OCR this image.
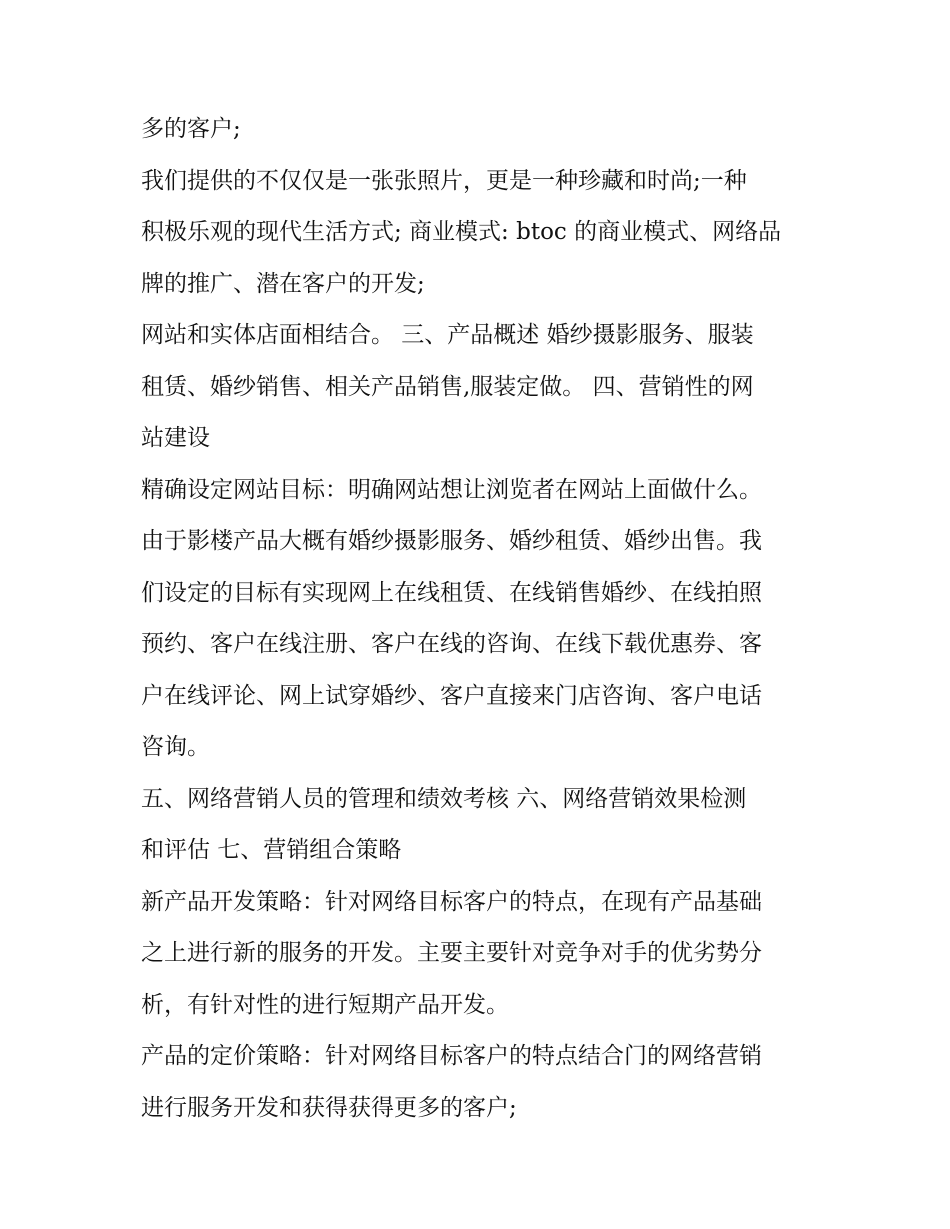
多的客户;
我们提供的不仅仅是一张张照片，更是一种珍藏和时尚;一种
积极乐观的现代生活方式; 商业模式: btoc 的商业模式、网络品
牌的推广、潜在客户的开发;
网站和实体店面相结合。 三、产品概述 婚纱摄影服务、服装
租赁、婚纱销售、相关产品销售,服装定做。 四、营销性的网
站建设
精确设定网站目标：明确网站想让浏览者在网站上面做什么。
由于影楼产品大概有婚纱摄影服务、婚纱租赁、婚纱出售。我
们设定的目标有实现网上在线租赁、在线销售婚纱、在线拍照
预约、客户在线注册、客户在线的咨询、在线下载优惠券、客
户在线评论、网上试穿婚纱、客户直接来门店咨询、客户电话
咨询。
五、网络营销人员的管理和绩效考核 六、网络营销效果检测
和评估 七、营销组合策略
新产品开发策略：针对网络目标客户的特点，在现有产品基础
之上进行新的服务的开发。主要主要针对竞争对手的优劣势分
析，有针对性的进行短期产品开发。
产品的定价策略：针对网络目标客户的特点结合门的网络营销
进行服务开发和获得获得更多的客户;
